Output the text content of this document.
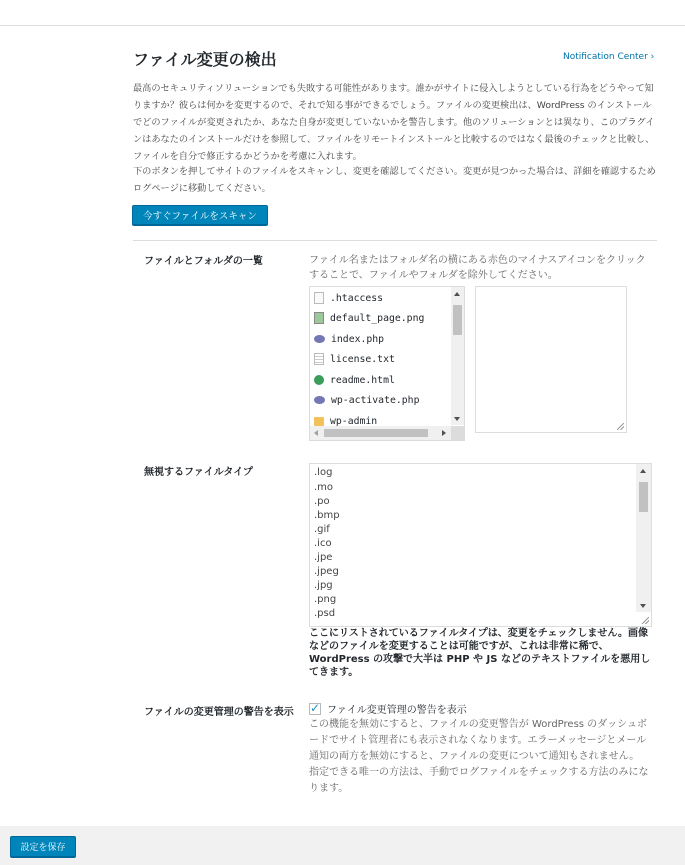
ファイル変更の検出	Notification Center ›

最高のセキュリティソリューションでも失敗する可能性があります。誰かがサイトに侵入しようとしている行為をどうやって知りますか？彼らは何かを変更するので、それで知る事ができるでしょう。ファイルの変更検出は、WordPress のインストールでどのファイルが変更されたか、あなた自身が変更していないかを警告します。他のソリューションとは異なり、このプラグインはあなたのインストールだけを参照して、ファイルをリモートインストールと比較するのではなく最後のチェックと比較し、ファイルを自分で修正するかどうかを考慮に入れます。

下のボタンを押してサイトのファイルをスキャンし、変更を確認してください。変更が見つかった場合は、詳細を確認するためログページに移動してください。

今すぐファイルをスキャン
ファイルとフォルダの一覧	ファイル名またはフォルダ名の横にある赤色のマイナスアイコンをクリックすることで、ファイルやフォルダを除外してください。
.htaccess
default_page.png
index.php
license.txt
readme.html
wp-activate.php
wp-admin
無視するファイルタイプ	.log
.mo
.po
.bmp
.gif
.ico
.jpe
.jpeg
.jpg
.png
.psd
ここにリストされているファイルタイプは、変更をチェックしません。画像などのファイルを変更することは可能ですが、これは非常に稀で、WordPress の攻撃で大半は PHP や JS などのテキストファイルを悪用してきます。
ファイルの変更管理の警告を表示	✓ ファイル変更管理の警告を表示
この機能を無効にすると、ファイルの変更警告が WordPress のダッシュボードでサイト管理者にも表示されなくなります。エラーメッセージとメール通知の両方を無効にすると、ファイルの変更について通知もされません。指定できる唯一の方法は、手動でログファイルをチェックする方法のみになります。
設定を保存
